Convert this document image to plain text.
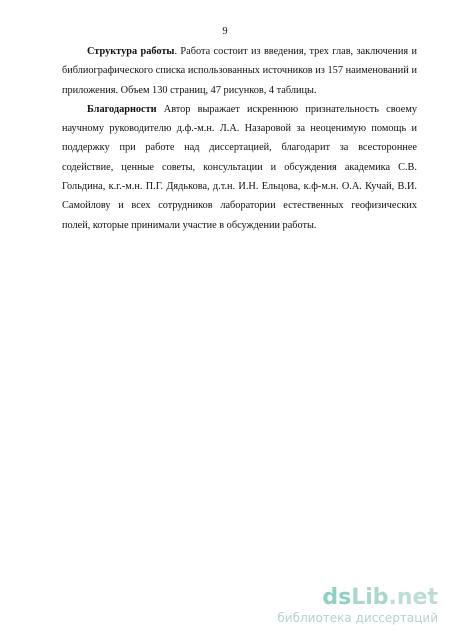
9

Структура работы. Работа состоит из введения, трех глав, заключения и библиографического списка использованных источников из 157 наименований и приложения. Объем 130 страниц, 47 рисунков, 4 таблицы.

Благодарности Автор выражает искреннюю признательность своему научному руководителю д.ф.-м.н. Л.А. Назаровой за неоценимую помощь и поддержку при работе над диссертацией, благодарит за всестороннее содействие, ценные советы, консультации и обсуждения академика С.В. Гольдина, к.г.-м.н. П.Г. Дядькова, д.т.н. И.Н. Ельцова, к.ф-м.н. О.А. Кучай, В.И. Самойлову и всех сотрудников лаборатории естественных геофизических полей, которые принимали участие в обсуждении работы.

dsLib.net
библиотека диссертаций
